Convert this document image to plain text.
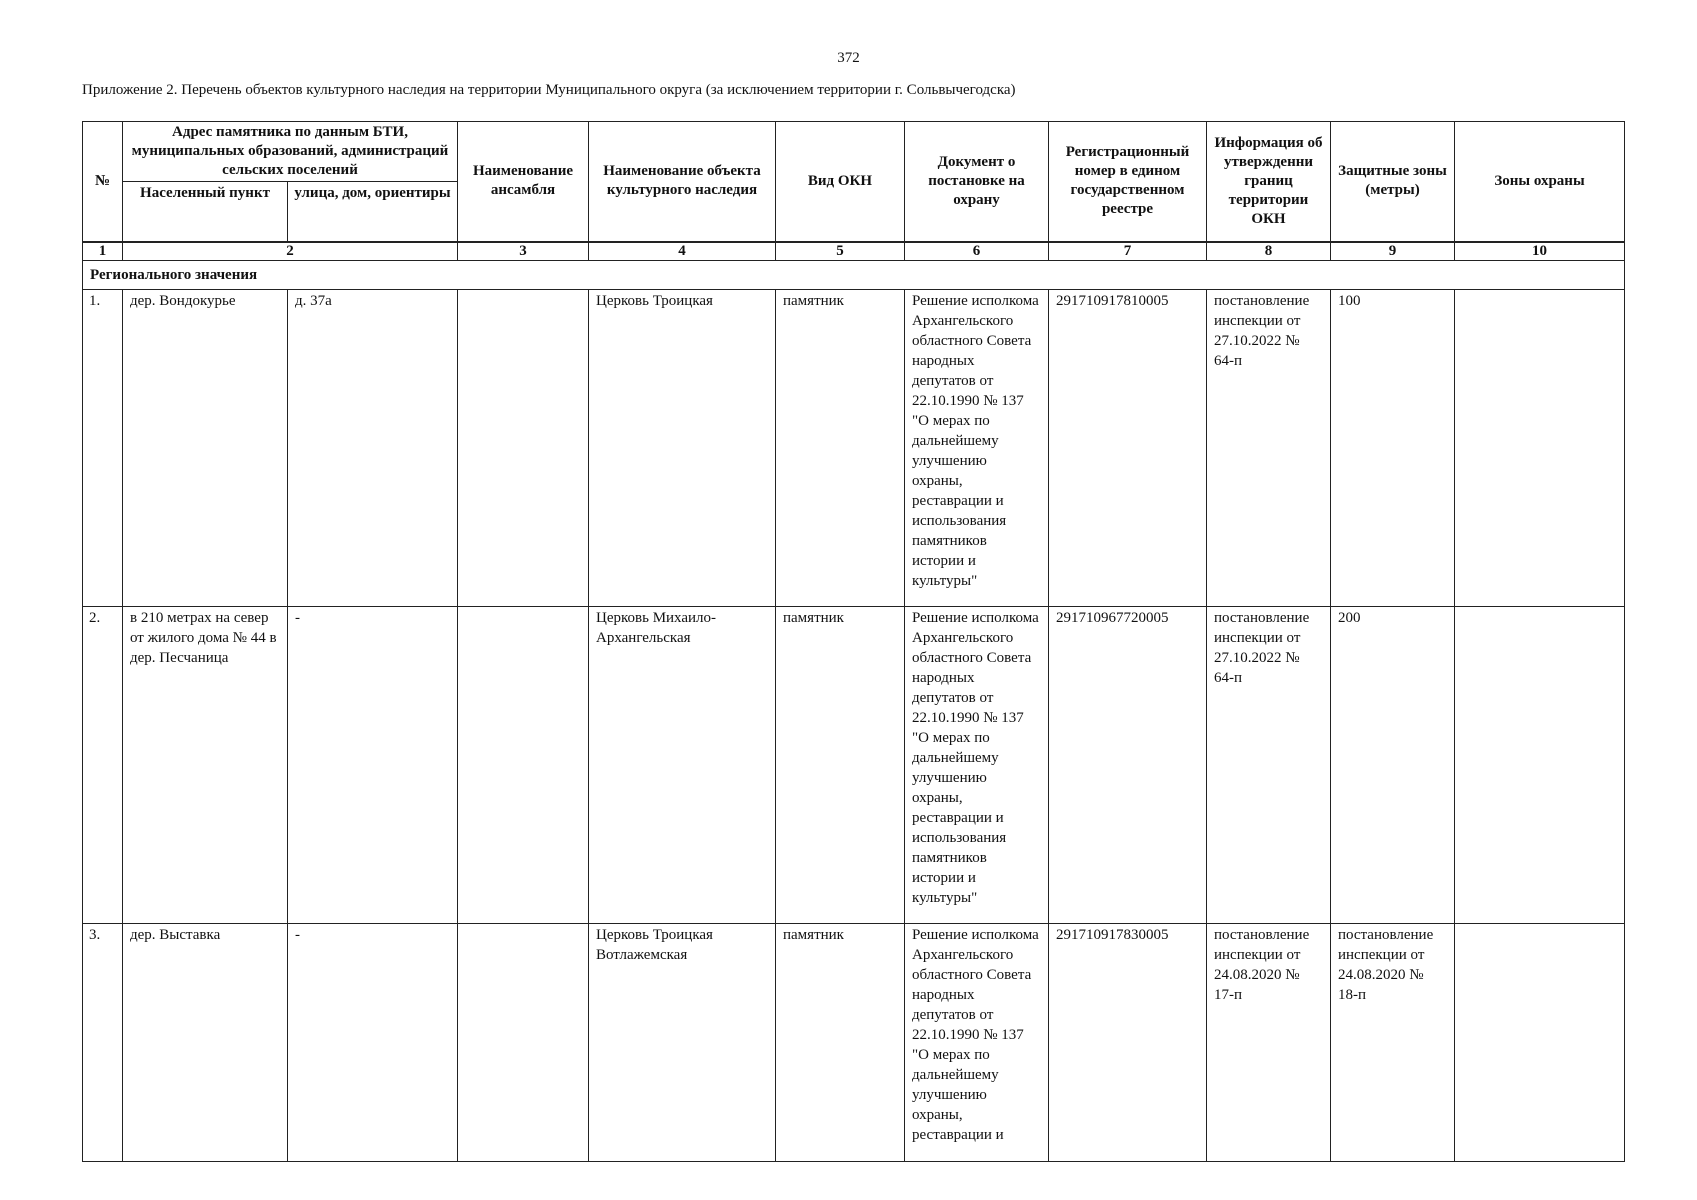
372
Приложение 2. Перечень объектов культурного наследия на территории Муниципального округа (за исключением территории г. Сольвычегодска)
№	Адрес памятника по данным БТИ, муниципальных образований, администраций сельских поселений		Наименование ансамбля	Наименование объекта культурного наследия	Вид ОКН	Документ о постановке на охрану	Регистрационный номер в едином государственном реестре	Информация об утвержденни границ территории ОКН	Защитные зоны (метры)	Зоны охраны
	Населенный пункт	улица, дом, ориентиры								
1	2		3	4	5	6	7	8	9	10
Регионального значения										
1.	дер. Вондокурье	д. 37а		Церковь Троицкая	памятник	Решение исполкома Архангельского областного Совета народных депутатов от 22.10.1990 № 137 "О мерах по дальнейшему улучшению охраны, реставрации и использования памятников истории и культуры"	291710917810005	постановление инспекции от 27.10.2022 № 64-п	100	
2.	в 210 метрах на север от жилого дома № 44 в дер. Песчаница	-		Церковь Михаило-Архангельская	памятник	Решение исполкома Архангельского областного Совета народных депутатов от 22.10.1990 № 137 "О мерах по дальнейшему улучшению охраны, реставрации и использования памятников истории и культуры"	291710967720005	постановление инспекции от 27.10.2022 № 64-п	200	
3.	дер. Выставка	-		Церковь Троицкая Вотлажемская	памятник	Решение исполкома Архангельского областного Совета народных депутатов от 22.10.1990 № 137 "О мерах по дальнейшему улучшению охраны, реставрации и	291710917830005	постановление инспекции от 24.08.2020 № 17-п	постановление инспекции от 24.08.2020 № 18-п	
